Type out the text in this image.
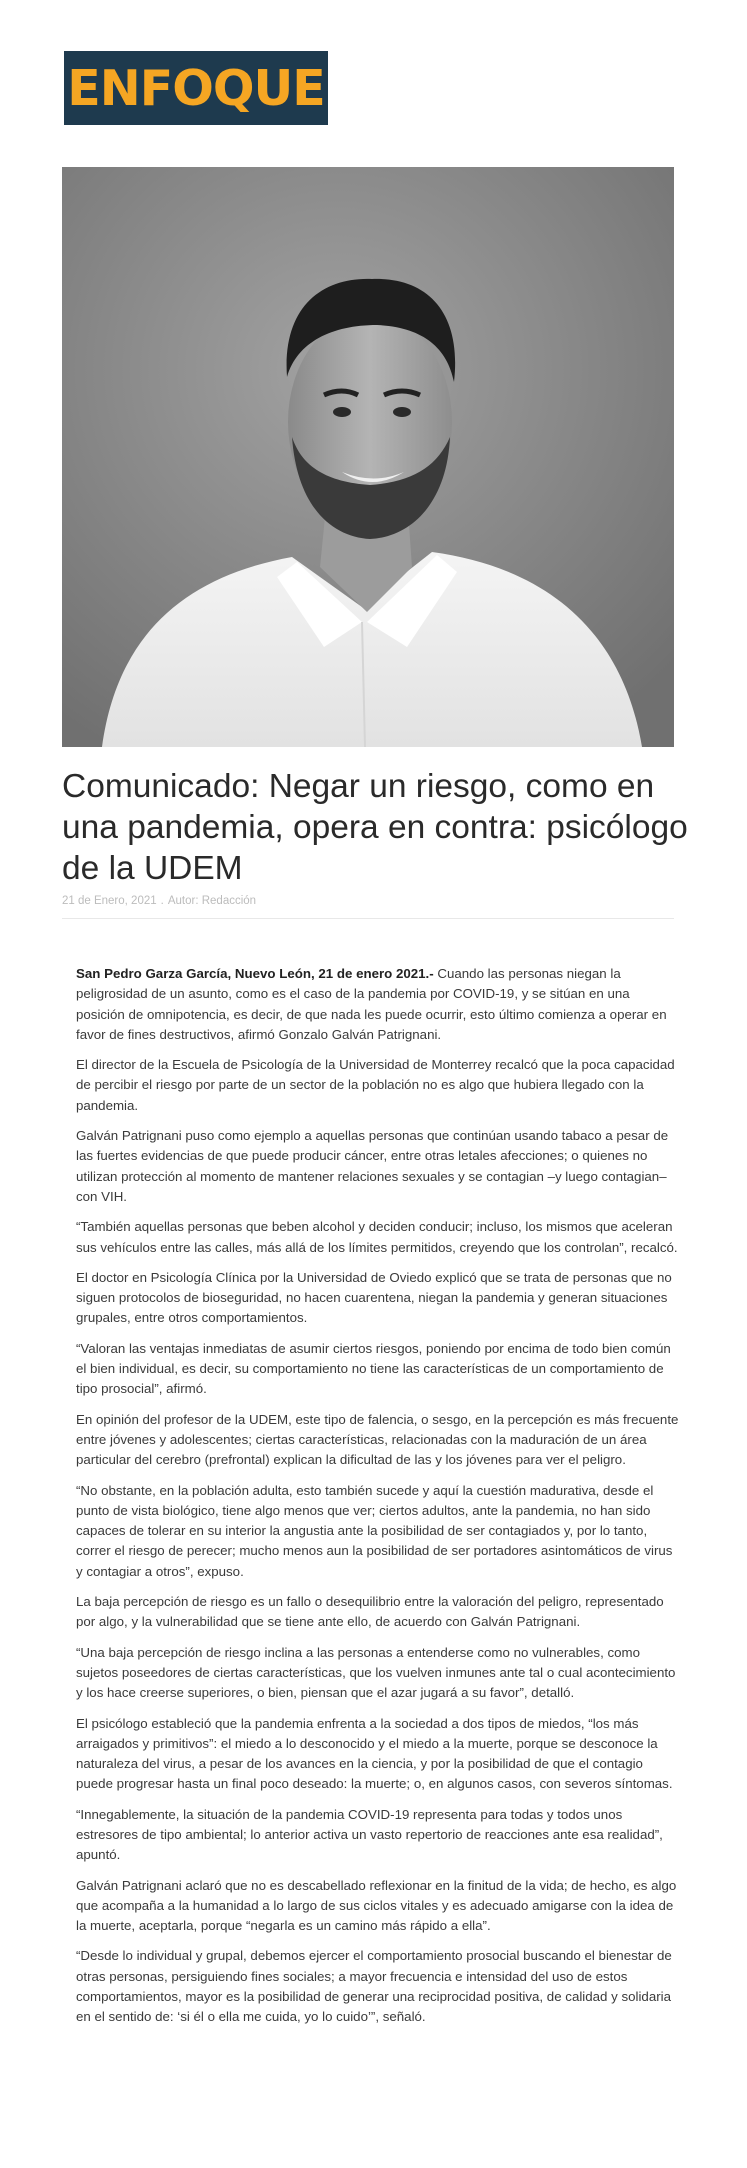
ENFOQUE
Comunicado: Negar un riesgo, como en una pandemia, opera en contra: psicólogo de la UDEM
21 de Enero, 2021 . Autor: Redacción

San Pedro Garza García, Nuevo León, 21 de enero 2021.- Cuando las personas niegan la peligrosidad de un asunto, como es el caso de la pandemia por COVID-19, y se sitúan en una posición de omnipotencia, es decir, de que nada les puede ocurrir, esto último comienza a operar en favor de fines destructivos, afirmó Gonzalo Galván Patrignani.

El director de la Escuela de Psicología de la Universidad de Monterrey recalcó que la poca capacidad de percibir el riesgo por parte de un sector de la población no es algo que hubiera llegado con la pandemia.

Galván Patrignani puso como ejemplo a aquellas personas que continúan usando tabaco a pesar de las fuertes evidencias de que puede producir cáncer, entre otras letales afecciones; o quienes no utilizan protección al momento de mantener relaciones sexuales y se contagian –y luego contagian– con VIH.

“También aquellas personas que beben alcohol y deciden conducir; incluso, los mismos que aceleran sus vehículos entre las calles, más allá de los límites permitidos, creyendo que los controlan”, recalcó.

El doctor en Psicología Clínica por la Universidad de Oviedo explicó que se trata de personas que no siguen protocolos de bioseguridad, no hacen cuarentena, niegan la pandemia y generan situaciones grupales, entre otros comportamientos.

“Valoran las ventajas inmediatas de asumir ciertos riesgos, poniendo por encima de todo bien común el bien individual, es decir, su comportamiento no tiene las características de un comportamiento de tipo prosocial”, afirmó.

En opinión del profesor de la UDEM, este tipo de falencia, o sesgo, en la percepción es más frecuente entre jóvenes y adolescentes; ciertas características, relacionadas con la maduración de un área particular del cerebro (prefrontal) explican la dificultad de las y los jóvenes para ver el peligro.

“No obstante, en la población adulta, esto también sucede y aquí la cuestión madurativa, desde el punto de vista biológico, tiene algo menos que ver; ciertos adultos, ante la pandemia, no han sido capaces de tolerar en su interior la angustia ante la posibilidad de ser contagiados y, por lo tanto, correr el riesgo de perecer; mucho menos aun la posibilidad de ser portadores asintomáticos de virus y contagiar a otros”, expuso.

La baja percepción de riesgo es un fallo o desequilibrio entre la valoración del peligro, representado por algo, y la vulnerabilidad que se tiene ante ello, de acuerdo con Galván Patrignani.

“Una baja percepción de riesgo inclina a las personas a entenderse como no vulnerables, como sujetos poseedores de ciertas características, que los vuelven inmunes ante tal o cual acontecimiento y los hace creerse superiores, o bien, piensan que el azar jugará a su favor”, detalló.

El psicólogo estableció que la pandemia enfrenta a la sociedad a dos tipos de miedos, “los más arraigados y primitivos”: el miedo a lo desconocido y el miedo a la muerte, porque se desconoce la naturaleza del virus, a pesar de los avances en la ciencia, y por la posibilidad de que el contagio puede progresar hasta un final poco deseado: la muerte; o, en algunos casos, con severos síntomas.

“Innegablemente, la situación de la pandemia COVID-19 representa para todas y todos unos estresores de tipo ambiental; lo anterior activa un vasto repertorio de reacciones ante esa realidad”, apuntó.

Galván Patrignani aclaró que no es descabellado reflexionar en la finitud de la vida; de hecho, es algo que acompaña a la humanidad a lo largo de sus ciclos vitales y es adecuado amigarse con la idea de la muerte, aceptarla, porque “negarla es un camino más rápido a ella”.

“Desde lo individual y grupal, debemos ejercer el comportamiento prosocial buscando el bienestar de otras personas, persiguiendo fines sociales; a mayor frecuencia e intensidad del uso de estos comportamientos, mayor es la posibilidad de generar una reciprocidad positiva, de calidad y solidaria en el sentido de: ‘si él o ella me cuida, yo lo cuido’”, señaló.
